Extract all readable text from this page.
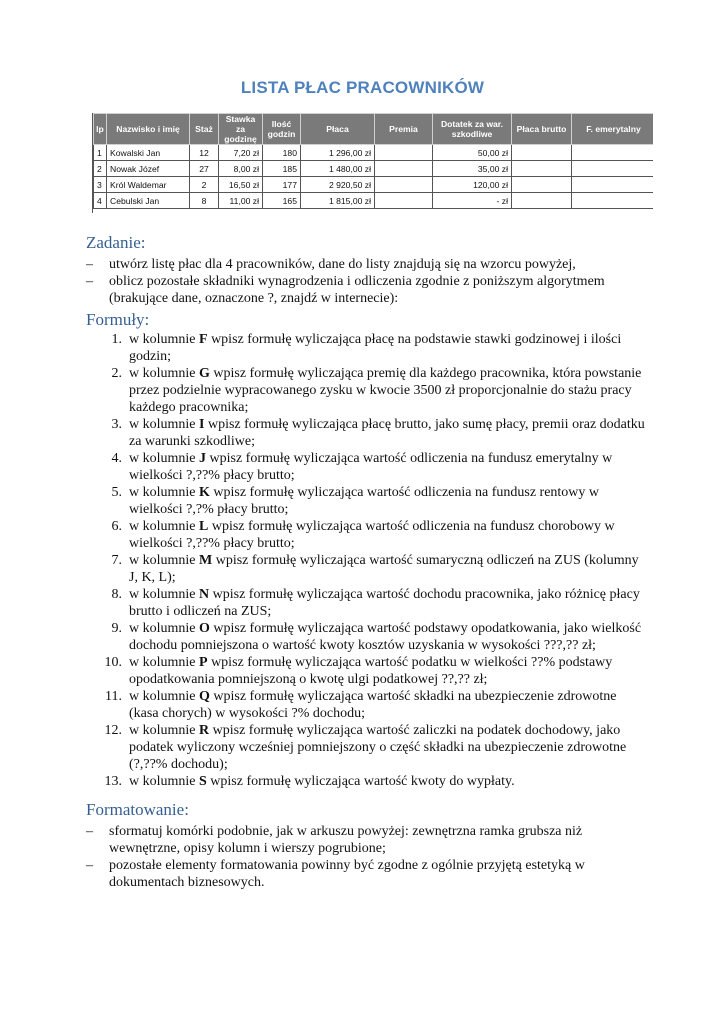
LISTA PŁAC PRACOWNIKÓW
lp	Nazwisko i imię	Staż	Stawka za godzinę	Ilość godzin	Płaca	Premia	Dotatek za war. szkodliwe	Płaca brutto	F. emerytalny
1	Kowalski Jan	12	7,20 zł	180	1 296,00 zł		50,00 zł		
2	Nowak Józef	27	8,00 zł	185	1 480,00 zł		35,00 zł		
3	Król Waldemar	2	16,50 zł	177	2 920,50 zł		120,00 zł		
4	Cebulski Jan	8	11,00 zł	165	1 815,00 zł		- zł		
Zadanie:
– utwórz listę płac dla 4 pracowników, dane do listy znajdują się na wzorcu powyżej,
– oblicz pozostałe składniki wynagrodzenia i odliczenia zgodnie z poniższym algorytmem (brakujące dane, oznaczone ?, znajdź w internecie):
Formuły:
1. w kolumnie F wpisz formułę wyliczająca płacę na podstawie stawki godzinowej i ilości godzin;
2. w kolumnie G wpisz formułę wyliczająca premię dla każdego pracownika, która powstanie przez podzielnie wypracowanego zysku w kwocie 3500 zł proporcjonalnie do stażu pracy każdego pracownika;
3. w kolumnie I wpisz formułę wyliczająca płacę brutto, jako sumę płacy, premii oraz dodatku za warunki szkodliwe;
4. w kolumnie J wpisz formułę wyliczająca wartość odliczenia na fundusz emerytalny w wielkości ?,??% płacy brutto;
5. w kolumnie K wpisz formułę wyliczająca wartość odliczenia na fundusz rentowy w wielkości ?,?% płacy brutto;
6. w kolumnie L wpisz formułę wyliczająca wartość odliczenia na fundusz chorobowy w wielkości ?,??% płacy brutto;
7. w kolumnie M wpisz formułę wyliczająca wartość sumaryczną odliczeń na ZUS (kolumny J, K, L);
8. w kolumnie N wpisz formułę wyliczająca wartość dochodu pracownika, jako różnicę płacy brutto i odliczeń na ZUS;
9. w kolumnie O wpisz formułę wyliczająca wartość podstawy opodatkowania, jako wielkość dochodu pomniejszona o wartość kwoty kosztów uzyskania w wysokości ???,?? zł;
10. w kolumnie P wpisz formułę wyliczająca wartość podatku w wielkości ??% podstawy opodatkowania pomniejszoną o kwotę ulgi podatkowej ??,?? zł;
11. w kolumnie Q wpisz formułę wyliczająca wartość składki na ubezpieczenie zdrowotne (kasa chorych) w wysokości ?% dochodu;
12. w kolumnie R wpisz formułę wyliczająca wartość zaliczki na podatek dochodowy, jako podatek wyliczony wcześniej pomniejszony o część składki na ubezpieczenie zdrowotne (?,??% dochodu);
13. w kolumnie S wpisz formułę wyliczająca wartość kwoty do wypłaty.
Formatowanie:
– sformatuj komórki podobnie, jak w arkuszu powyżej: zewnętrzna ramka grubsza niż wewnętrzne, opisy kolumn i wierszy pogrubione;
– pozostałe elementy formatowania powinny być zgodne z ogólnie przyjętą estetyką w dokumentach biznesowych.
